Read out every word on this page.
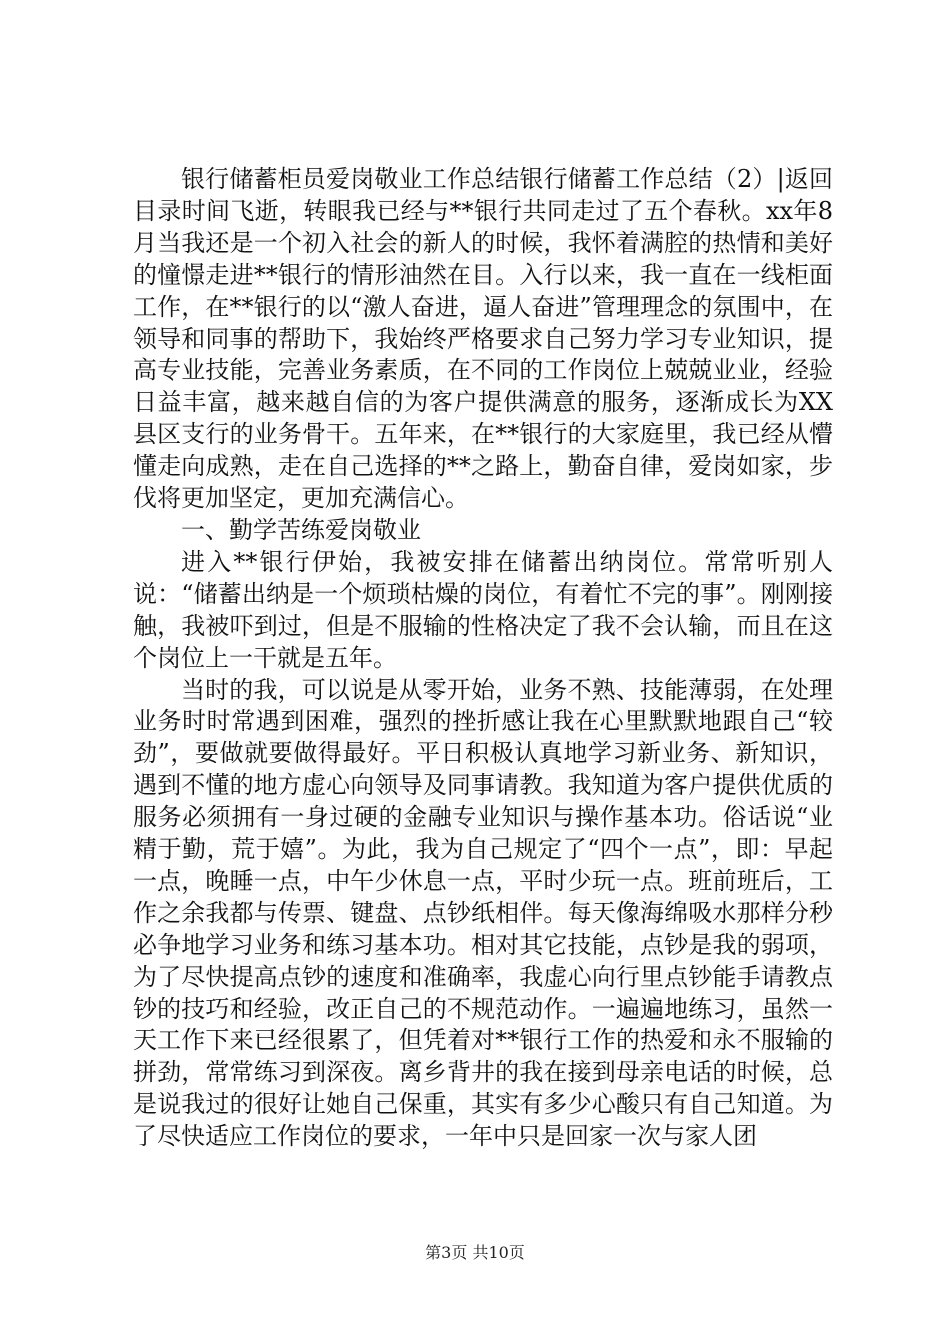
银行储蓄柜员爱岗敬业工作总结银行储蓄工作总结（2）|返回目录时间飞逝，转眼我已经与**银行共同走过了五个春秋。xx年8月当我还是一个初入社会的新人的时候，我怀着满腔的热情和美好的憧憬走进**银行的情形油然在目。入行以来，我一直在一线柜面工作，在**银行的以“激人奋进，逼人奋进”管理理念的氛围中，在领导和同事的帮助下，我始终严格要求自己努力学习专业知识，提高专业技能，完善业务素质，在不同的工作岗位上兢兢业业，经验日益丰富，越来越自信的为客户提供满意的服务，逐渐成长为XX县区支行的业务骨干。五年来，在**银行的大家庭里，我已经从懵懂走向成熟，走在自己选择的**之路上，勤奋自律，爱岗如家，步伐将更加坚定，更加充满信心。

一、勤学苦练爱岗敬业

进入**银行伊始，我被安排在储蓄出纳岗位。常常听别人说：“储蓄出纳是一个烦琐枯燥的岗位，有着忙不完的事”。刚刚接触，我被吓到过，但是不服输的性格决定了我不会认输，而且在这个岗位上一干就是五年。

当时的我，可以说是从零开始，业务不熟、技能薄弱，在处理业务时时常遇到困难，强烈的挫折感让我在心里默默地跟自己“较劲”，要做就要做得最好。平日积极认真地学习新业务、新知识，遇到不懂的地方虚心向领导及同事请教。我知道为客户提供优质的服务必须拥有一身过硬的金融专业知识与操作基本功。俗话说“业精于勤，荒于嬉”。为此，我为自己规定了“四个一点”，即：早起一点，晚睡一点，中午少休息一点，平时少玩一点。班前班后，工作之余我都与传票、键盘、点钞纸相伴。每天像海绵吸水那样分秒必争地学习业务和练习基本功。相对其它技能，点钞是我的弱项，为了尽快提高点钞的速度和准确率，我虚心向行里点钞能手请教点钞的技巧和经验，改正自己的不规范动作。一遍遍地练习，虽然一天工作下来已经很累了，但凭着对**银行工作的热爱和永不服输的拼劲，常常练习到深夜。离乡背井的我在接到母亲电话的时候，总是说我过的很好让她自己保重，其实有多少心酸只有自己知道。为了尽快适应工作岗位的要求，一年中只是回家一次与家人团

第3页 共10页
